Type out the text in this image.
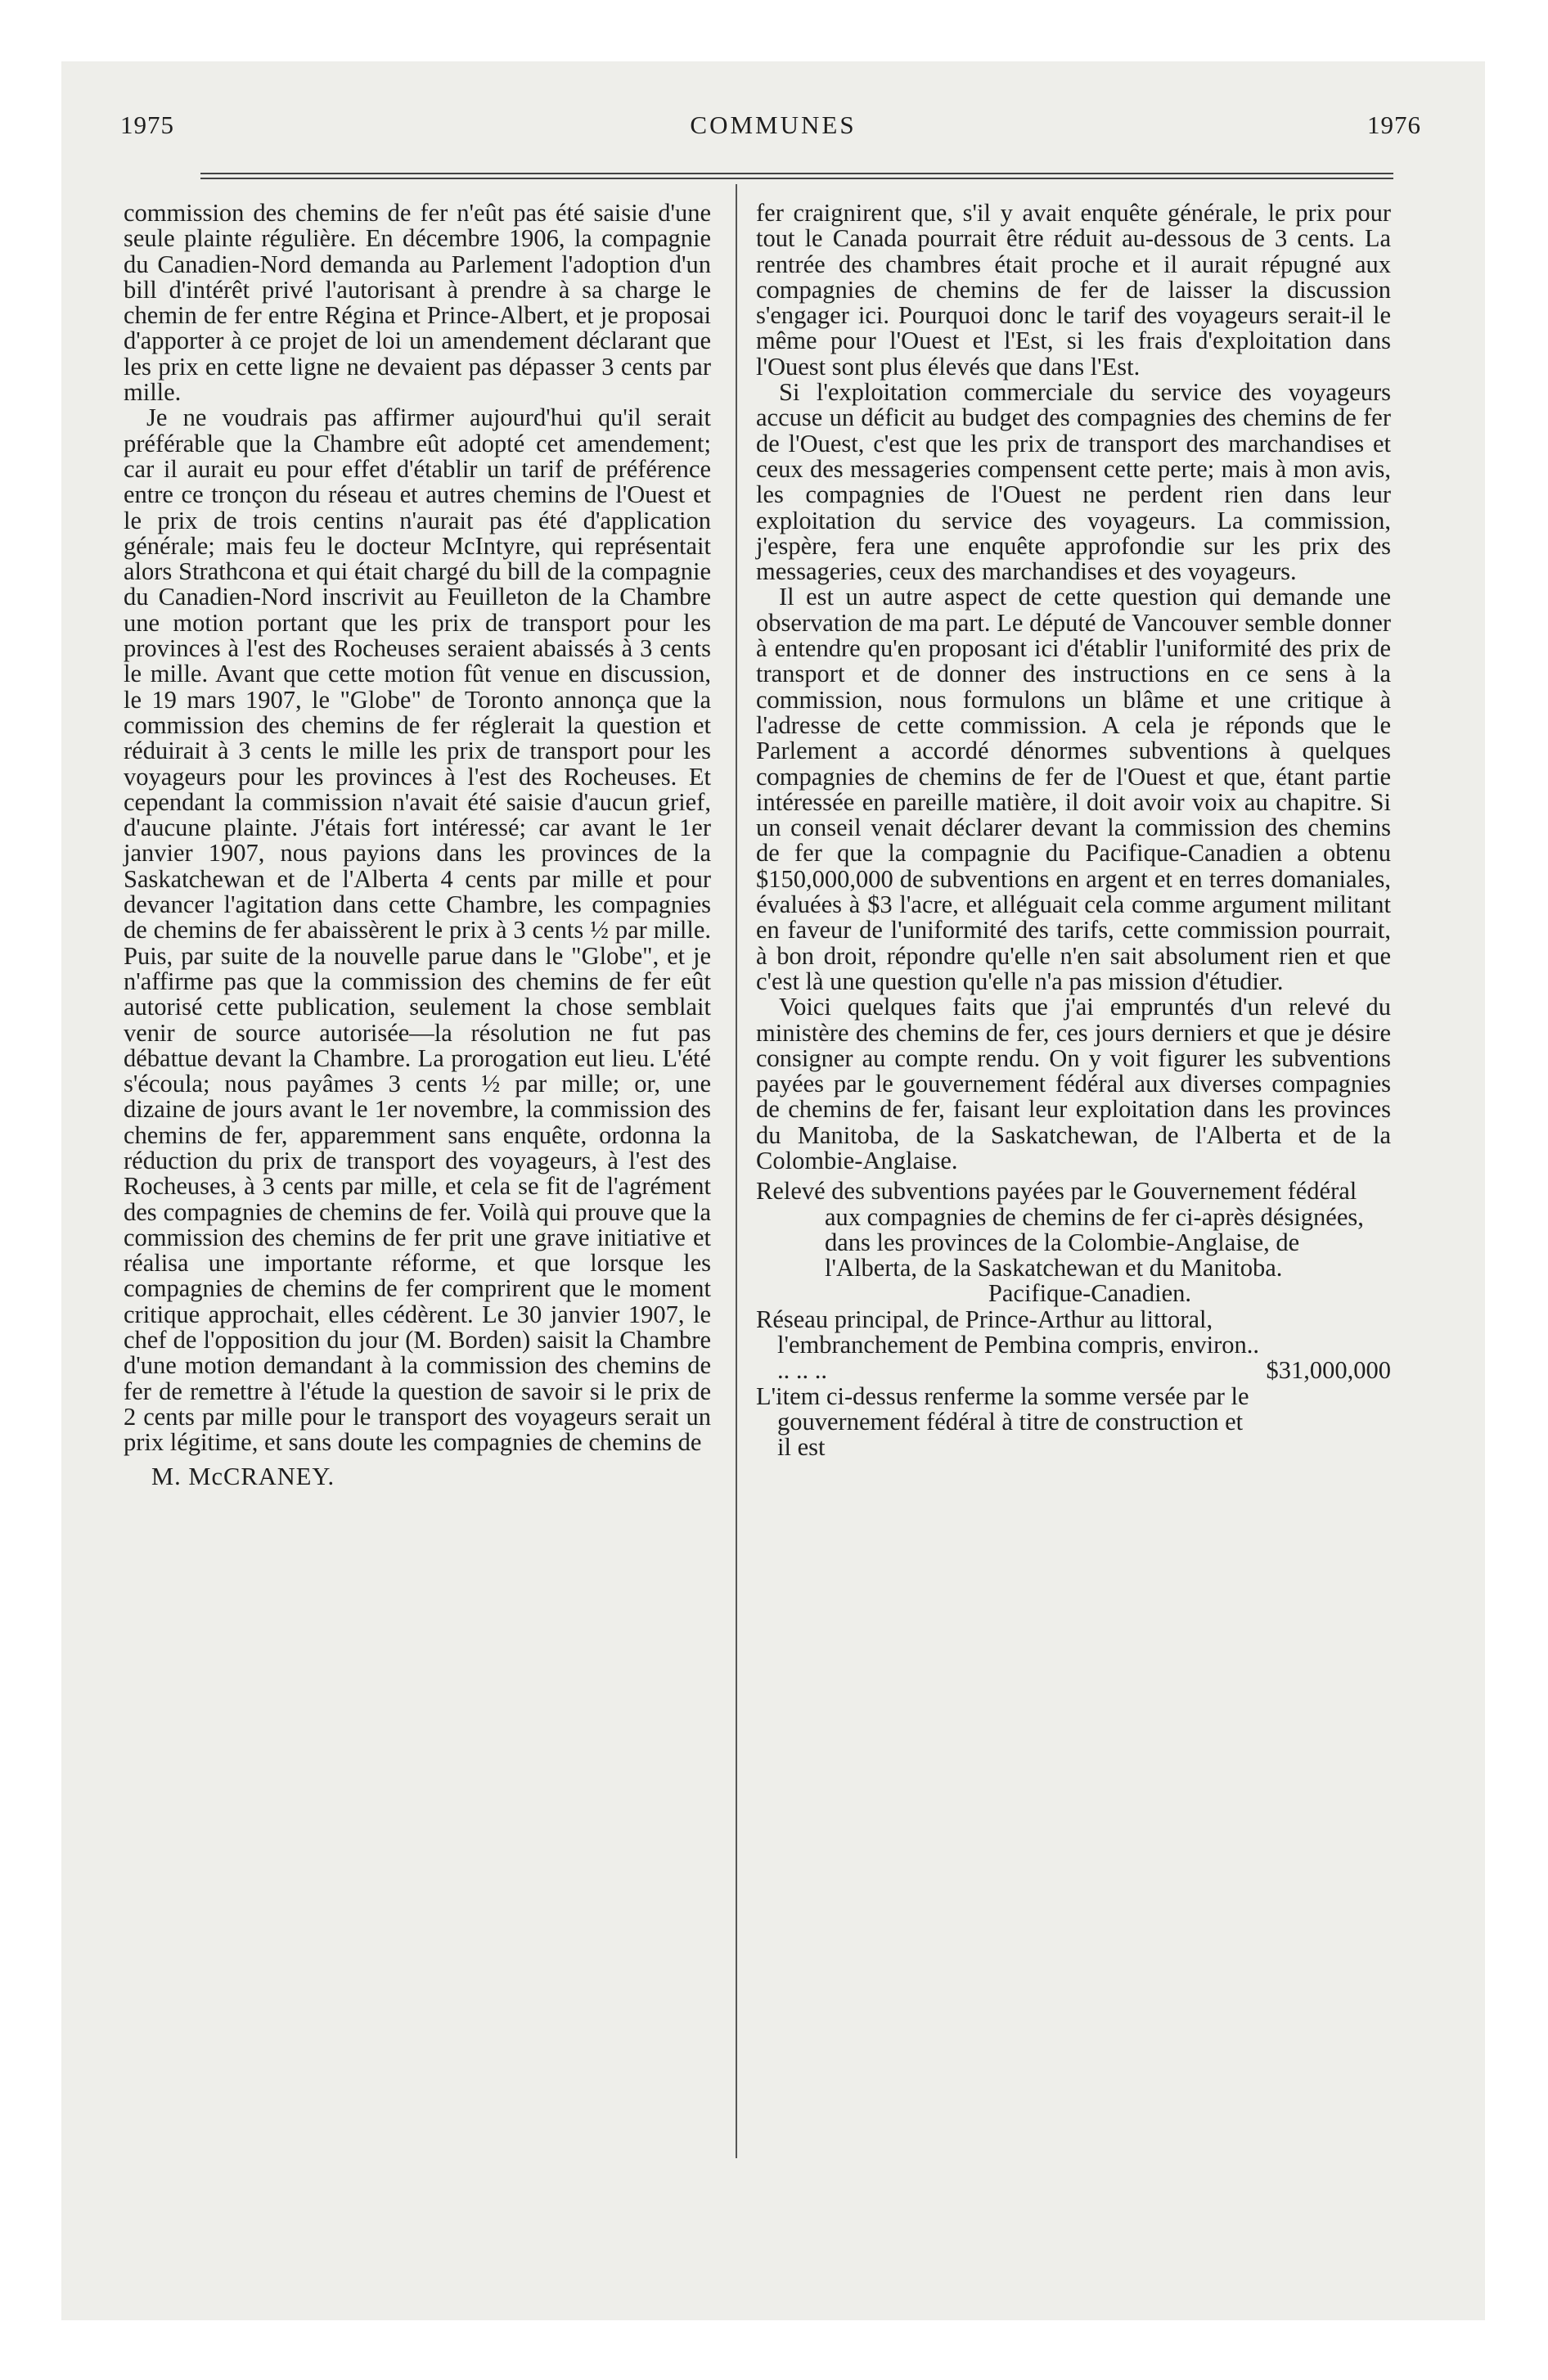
1975	COMMUNES	1976

commission des chemins de fer n'eût pas été saisie d'une seule plainte régulière. En décembre 1906, la compagnie du Canadien-Nord demanda au Parlement l'adoption d'un bill d'intérêt privé l'autorisant à prendre à sa charge le chemin de fer entre Régina et Prince-Albert, et je proposai d'apporter à ce projet de loi un amendement déclarant que les prix en cette ligne ne devaient pas dépasser 3 cents par mille.

Je ne voudrais pas affirmer aujourd'hui qu'il serait préférable que la Chambre eût adopté cet amendement; car il aurait eu pour effet d'établir un tarif de préférence entre ce tronçon du réseau et autres chemins de l'Ouest et le prix de trois centins n'aurait pas été d'application générale; mais feu le docteur McIntyre, qui représentait alors Strathcona et qui était chargé du bill de la compagnie du Canadien-Nord inscrivit au Feuilleton de la Chambre une motion portant que les prix de transport pour les provinces à l'est des Rocheuses seraient abaissés à 3 cents le mille. Avant que cette motion fût venue en discussion, le 19 mars 1907, le "Globe" de Toronto annonça que la commission des chemins de fer réglerait la question et réduirait à 3 cents le mille les prix de transport pour les voyageurs pour les provinces à l'est des Rocheuses. Et cependant la commission n'avait été saisie d'aucun grief, d'aucune plainte. J'étais fort intéressé; car avant le 1er janvier 1907, nous payions dans les provinces de la Saskatchewan et de l'Alberta 4 cents par mille et pour devancer l'agitation dans cette Chambre, les compagnies de chemins de fer abaissèrent le prix à 3 cents ½ par mille. Puis, par suite de la nouvelle parue dans le "Globe", et je n'affirme pas que la commission des chemins de fer eût autorisé cette publication, seulement la chose semblait venir de source autorisée—la résolution ne fut pas débattue devant la Chambre. La prorogation eut lieu. L'été s'écoula; nous payâmes 3 cents ½ par mille; or, une dizaine de jours avant le 1er novembre, la commission des chemins de fer, apparemment sans enquête, ordonna la réduction du prix de transport des voyageurs, à l'est des Rocheuses, à 3 cents par mille, et cela se fit de l'agrément des compagnies de chemins de fer. Voilà qui prouve que la commission des chemins de fer prit une grave initiative et réalisa une importante réforme, et que lorsque les compagnies de chemins de fer comprirent que le moment critique approchait, elles cédèrent. Le 30 janvier 1907, le chef de l'opposition du jour (M. Borden) saisit la Chambre d'une motion demandant à la commission des chemins de fer de remettre à l'étude la question de savoir si le prix de 2 cents par mille pour le transport des voyageurs serait un prix légitime, et sans doute les compagnies de chemins de

M. McCRANEY.

fer craignirent que, s'il y avait enquête générale, le prix pour tout le Canada pourrait être réduit au-dessous de 3 cents. La rentrée des chambres était proche et il aurait répugné aux compagnies de chemins de fer de laisser la discussion s'engager ici. Pourquoi donc le tarif des voyageurs serait-il le même pour l'Ouest et l'Est, si les frais d'exploitation dans l'Ouest sont plus élevés que dans l'Est.

Si l'exploitation commerciale du service des voyageurs accuse un déficit au budget des compagnies des chemins de fer de l'Ouest, c'est que les prix de transport des marchandises et ceux des messageries compensent cette perte; mais à mon avis, les compagnies de l'Ouest ne perdent rien dans leur exploitation du service des voyageurs. La commission, j'espère, fera une enquête approfondie sur les prix des messageries, ceux des marchandises et des voyageurs.

Il est un autre aspect de cette question qui demande une observation de ma part. Le député de Vancouver semble donner à entendre qu'en proposant ici d'établir l'uniformité des prix de transport et de donner des instructions en ce sens à la commission, nous formulons un blâme et une critique à l'adresse de cette commission. A cela je réponds que le Parlement a accordé dénormes subventions à quelques compagnies de chemins de fer de l'Ouest et que, étant partie intéressée en pareille matière, il doit avoir voix au chapitre. Si un conseil venait déclarer devant la commission des chemins de fer que la compagnie du Pacifique-Canadien a obtenu $150,000,000 de subventions en argent et en terres domaniales, évaluées à $3 l'acre, et alléguait cela comme argument militant en faveur de l'uniformité des tarifs, cette commission pourrait, à bon droit, répondre qu'elle n'en sait absolument rien et que c'est là une question qu'elle n'a pas mission d'étudier.

Voici quelques faits que j'ai empruntés d'un relevé du ministère des chemins de fer, ces jours derniers et que je désire consigner au compte rendu. On y voit figurer les subventions payées par le gouvernement fédéral aux diverses compagnies de chemins de fer, faisant leur exploitation dans les provinces du Manitoba, de la Saskatchewan, de l'Alberta et de la Colombie-Anglaise.

Relevé des subventions payées par le Gouvernement fédéral aux compagnies de chemins de fer ci-après désignées, dans les provinces de la Colombie-Anglaise, de l'Alberta, de la Saskatchewan et du Manitoba.

Pacifique-Canadien.

Réseau principal, de Prince-Arthur au littoral, l'embranchement de Pembina compris, environ.. .. .. ..	$31,000,000

L'item ci-dessus renferme la somme versée par le gouvernement fédéral à titre de construction et il est
